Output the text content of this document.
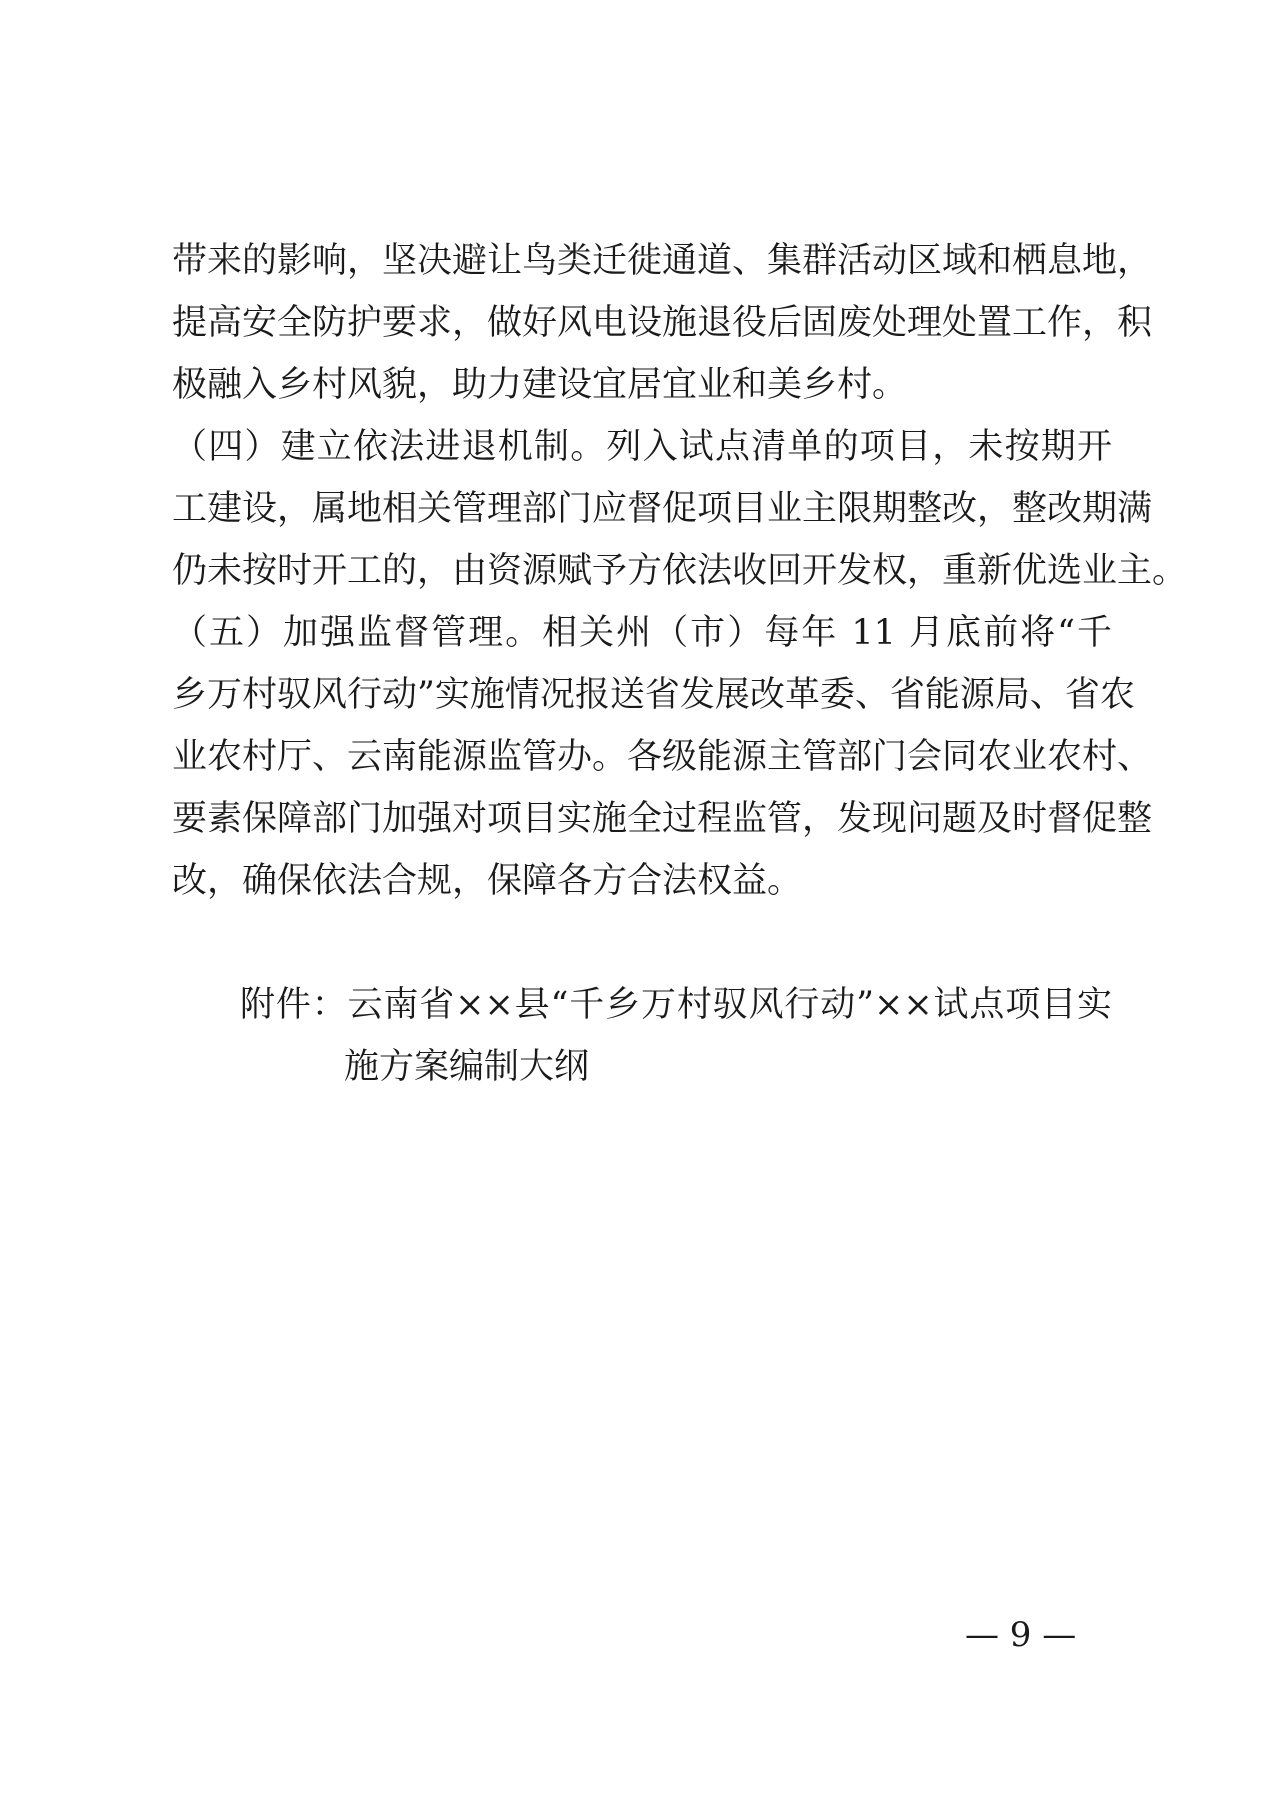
带来的影响，坚决避让鸟类迁徙通道、集群活动区域和栖息地，
提高安全防护要求，做好风电设施退役后固废处理处置工作，积
极融入乡村风貌，助力建设宜居宜业和美乡村。
（四）建立依法进退机制。列入试点清单的项目，未按期开
工建设，属地相关管理部门应督促项目业主限期整改，整改期满
仍未按时开工的，由资源赋予方依法收回开发权，重新优选业主。
（五）加强监督管理。相关州（市）每年 11 月底前将“千
乡万村驭风行动”实施情况报送省发展改革委、省能源局、省农
业农村厅、云南能源监管办。各级能源主管部门会同农业农村、
要素保障部门加强对项目实施全过程监管，发现问题及时督促整
改，确保依法合规，保障各方合法权益。
附件：云南省××县“千乡万村驭风行动”××试点项目实
施方案编制大纲
— 9 —
